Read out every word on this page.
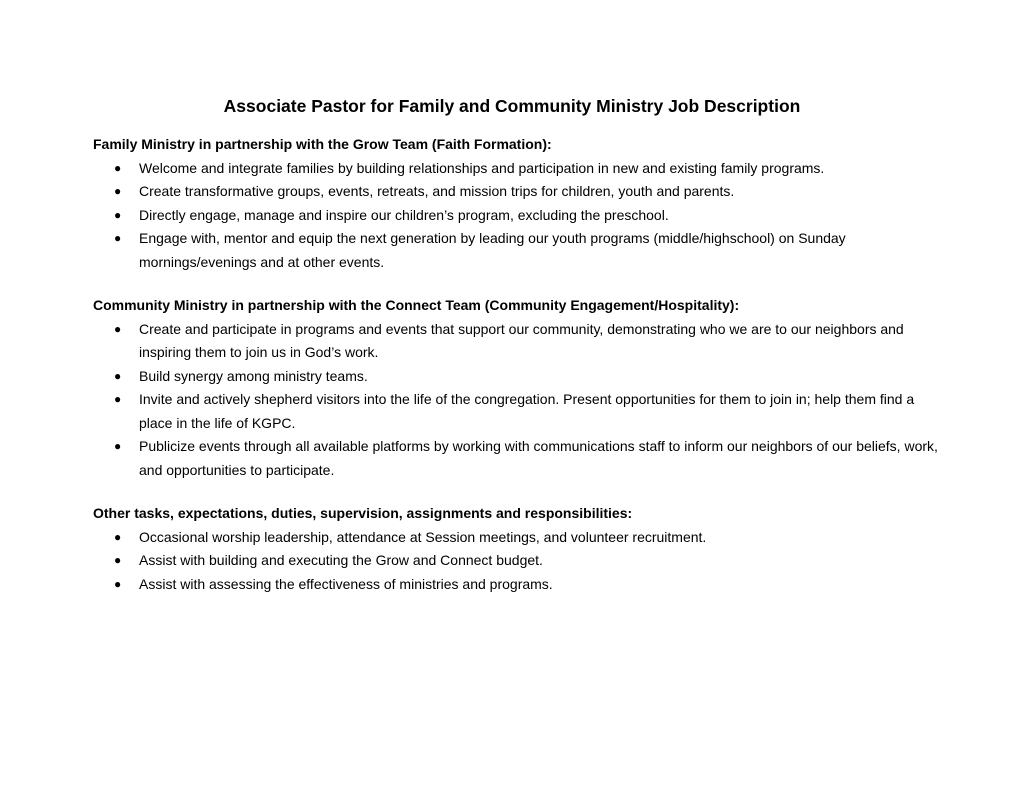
Associate Pastor for Family and Community Ministry Job Description

Family Ministry in partnership with the Grow Team (Faith Formation):

● Welcome and integrate families by building relationships and participation in new and existing family programs.
● Create transformative groups, events, retreats, and mission trips for children, youth and parents.
● Directly engage, manage and inspire our children’s program, excluding the preschool.
● Engage with, mentor and equip the next generation by leading our youth programs (middle/highschool) on Sunday mornings/evenings and at other events.

Community Ministry in partnership with the Connect Team (Community Engagement/Hospitality):

● Create and participate in programs and events that support our community, demonstrating who we are to our neighbors and inspiring them to join us in God’s work.
● Build synergy among ministry teams.
● Invite and actively shepherd visitors into the life of the congregation. Present opportunities for them to join in; help them find a place in the life of KGPC.
● Publicize events through all available platforms by working with communications staff to inform our neighbors of our beliefs, work, and opportunities to participate.

Other tasks, expectations, duties, supervision, assignments and responsibilities:

● Occasional worship leadership, attendance at Session meetings, and volunteer recruitment.
● Assist with building and executing the Grow and Connect budget.
● Assist with assessing the effectiveness of ministries and programs.
